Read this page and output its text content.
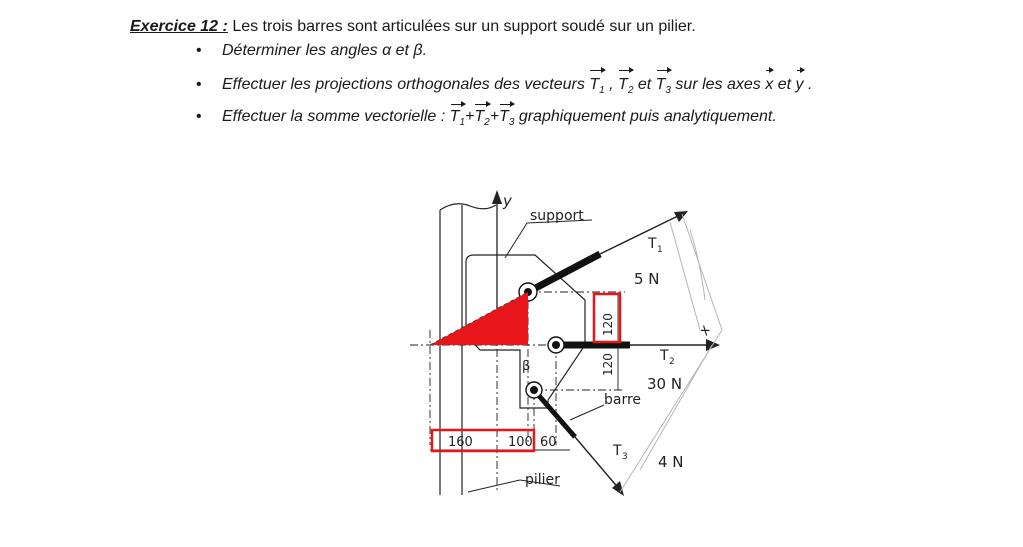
Exercice 12 : Les trois barres sont articulées sur un support soudé sur un pilier.
• Déterminer les angles α et β.
• Effectuer les projections orthogonales des vecteurs $T_1$ , $T_2$ et $T_3$ sur les axes x et y .
• Effectuer la somme vectorielle : $T_1+T_2+T_3$ graphiquement puis analytiquement.
y
support
T 1
5 N
T 2
30 N
T 3 4 N
x
β
barre
pilier
120
120
160	100 60
